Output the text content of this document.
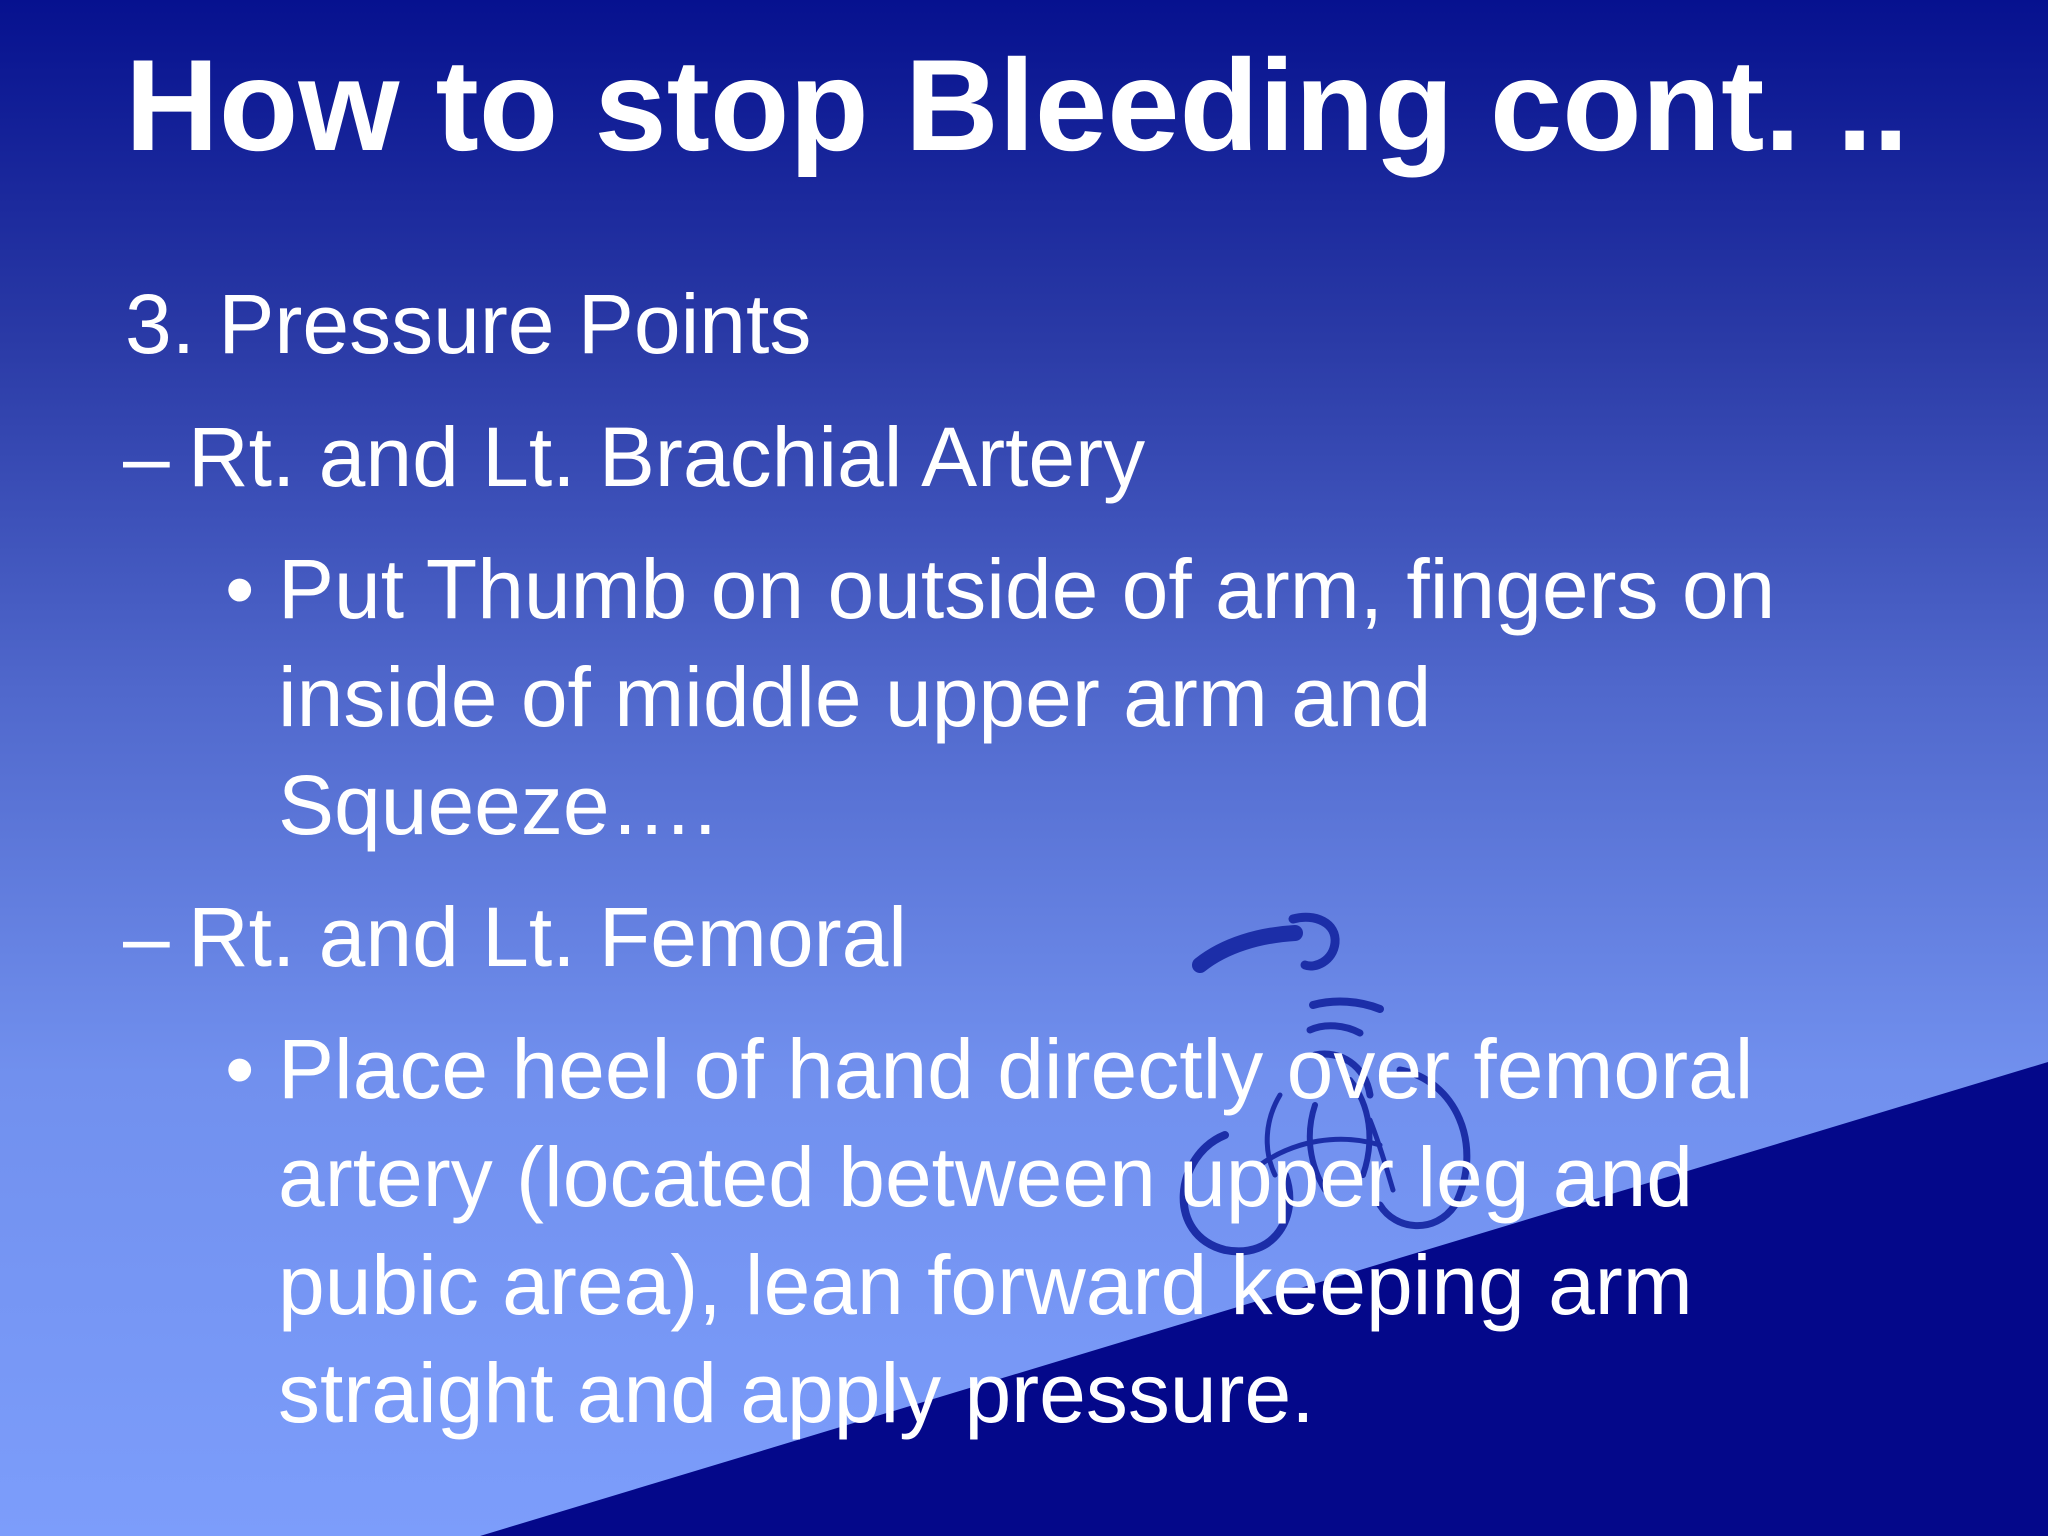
How to stop Bleeding cont. ..
3. Pressure Points
– Rt. and Lt. Brachial Artery
• Put Thumb on outside of arm, fingers on
inside of middle upper arm and
Squeeze….
– Rt. and Lt. Femoral
• Place heel of hand directly over femoral
artery (located between upper leg and
pubic area), lean forward keeping arm
straight and apply pressure.
